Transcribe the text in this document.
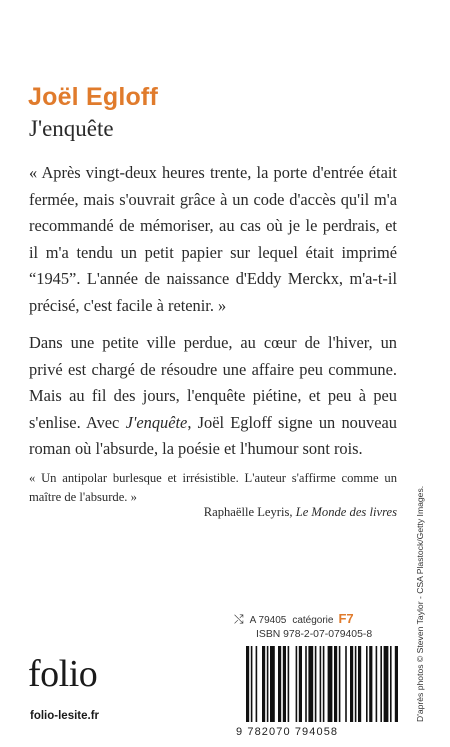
Joël Egloff
J'enquête

« Après vingt-deux heures trente, la porte d'entrée était fermée, mais s'ouvrait grâce à un code d'accès qu'il m'a recommandé de mémoriser, au cas où je le perdrais, et il m'a tendu un petit papier sur lequel était imprimé “1945”. L'année de naissance d'Eddy Merckx, m'a-t-il précisé, c'est facile à retenir. »

Dans une petite ville perdue, au cœur de l'hiver, un privé est chargé de résoudre une affaire peu commune. Mais au fil des jours, l'enquête piétine, et peu à peu s'enlise. Avec J'enquête, Joël Egloff signe un nouveau roman où l'absurde, la poésie et l'humour sont rois.

« Un antipolar burlesque et irrésistible. L'auteur s'affirme comme un maître de l'absurde. »

Raphaëlle Leyris, Le Monde des livres D'après photos © Steven Taylor - CSA Plastock/Getty Images.
⤭ A 79405 catégorie F7
ISBN 978-2-07-079405-8
9 782070 794058
folio
folio-lesite.fr
